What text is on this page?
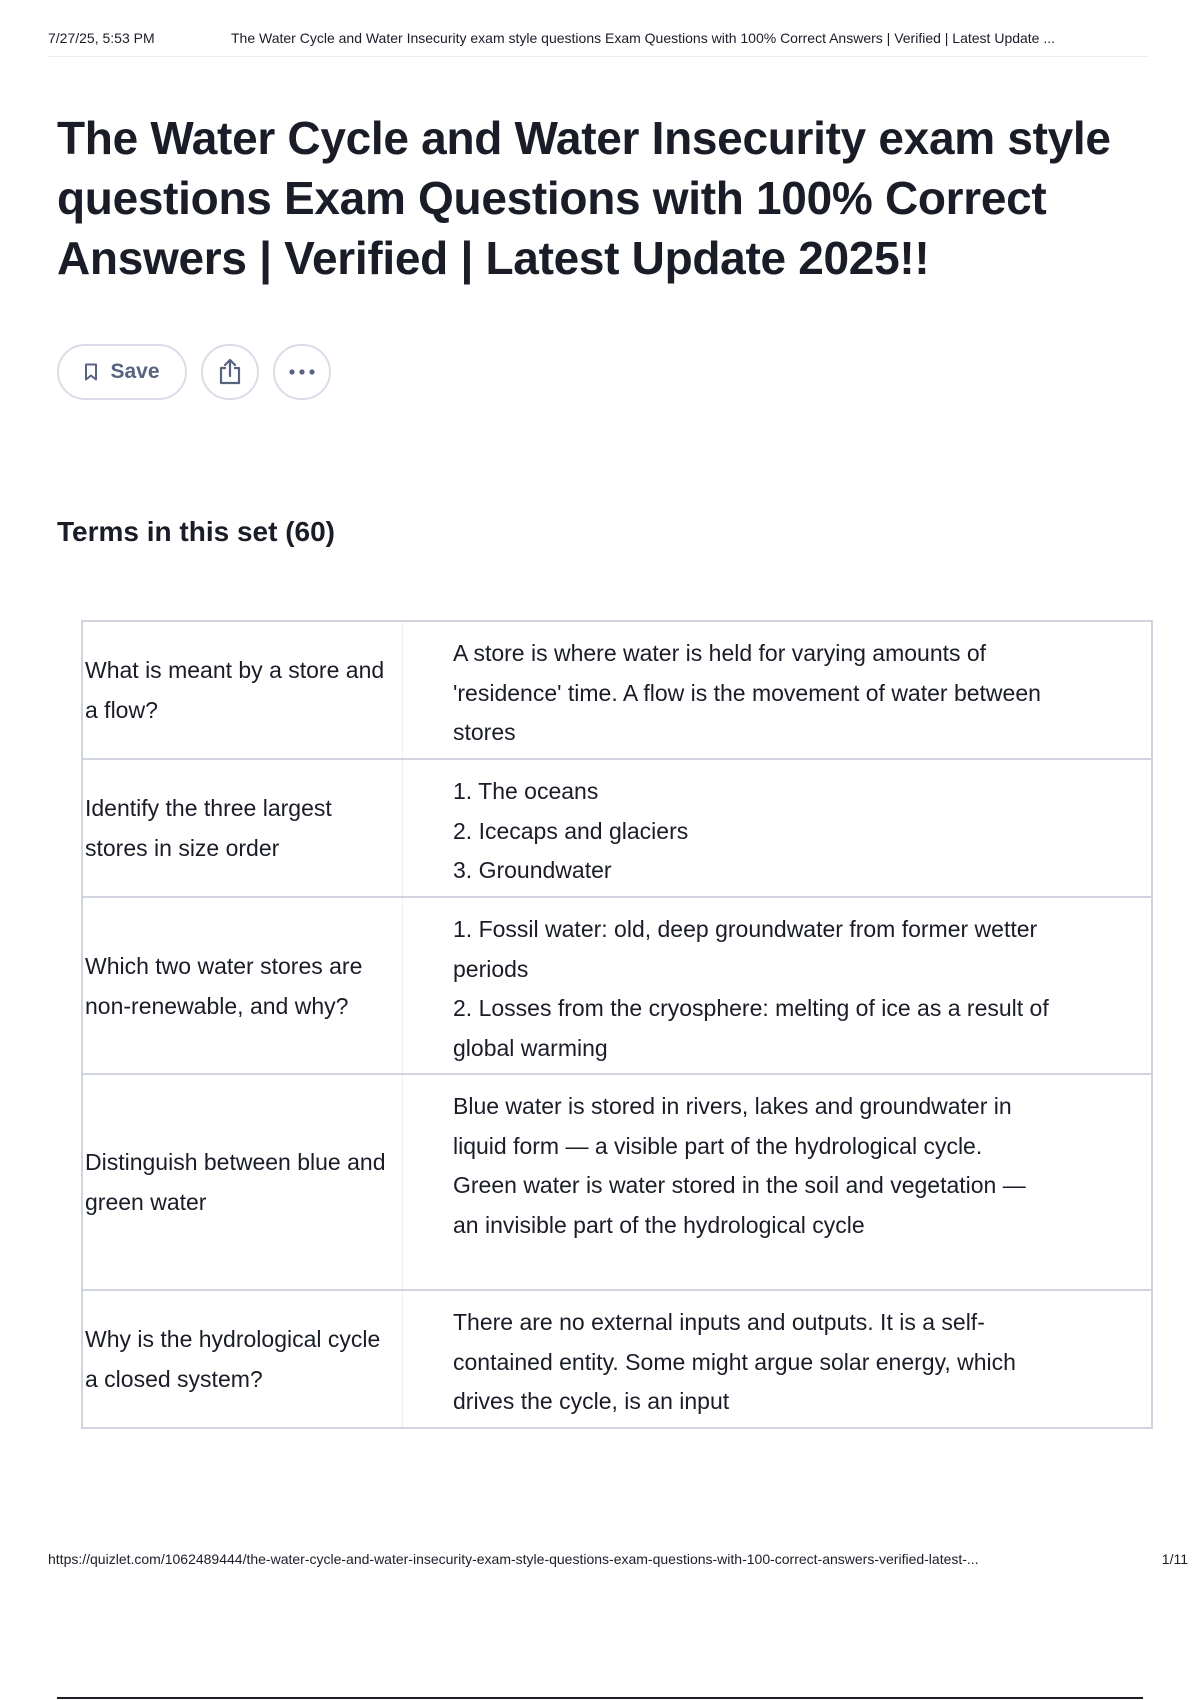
7/27/25, 5:53 PM	The Water Cycle and Water Insecurity exam style questions Exam Questions with 100% Correct Answers | Verified | Latest Update ...
The Water Cycle and Water Insecurity exam style questions Exam Questions with 100% Correct Answers | Verified | Latest Update 2025!!
Save
Terms in this set (60)
What is meant by a store and a flow?
A store is where water is held for varying amounts of 'residence' time. A flow is the movement of water between stores
Identify the three largest stores in size order
1. The oceans
2. Icecaps and glaciers
3. Groundwater
Which two water stores are non-renewable, and why?
1. Fossil water: old, deep groundwater from former wetter periods
2. Losses from the cryosphere: melting of ice as a result of global warming
Distinguish between blue and green water
Blue water is stored in rivers, lakes and groundwater in liquid form — a visible part of the hydrological cycle. Green water is water stored in the soil and vegetation — an invisible part of the hydrological cycle
Why is the hydrological cycle a closed system?
There are no external inputs and outputs. It is a self-contained entity. Some might argue solar energy, which drives the cycle, is an input
https://quizlet.com/1062489444/the-water-cycle-and-water-insecurity-exam-style-questions-exam-questions-with-100-correct-answers-verified-latest-...	1/11
